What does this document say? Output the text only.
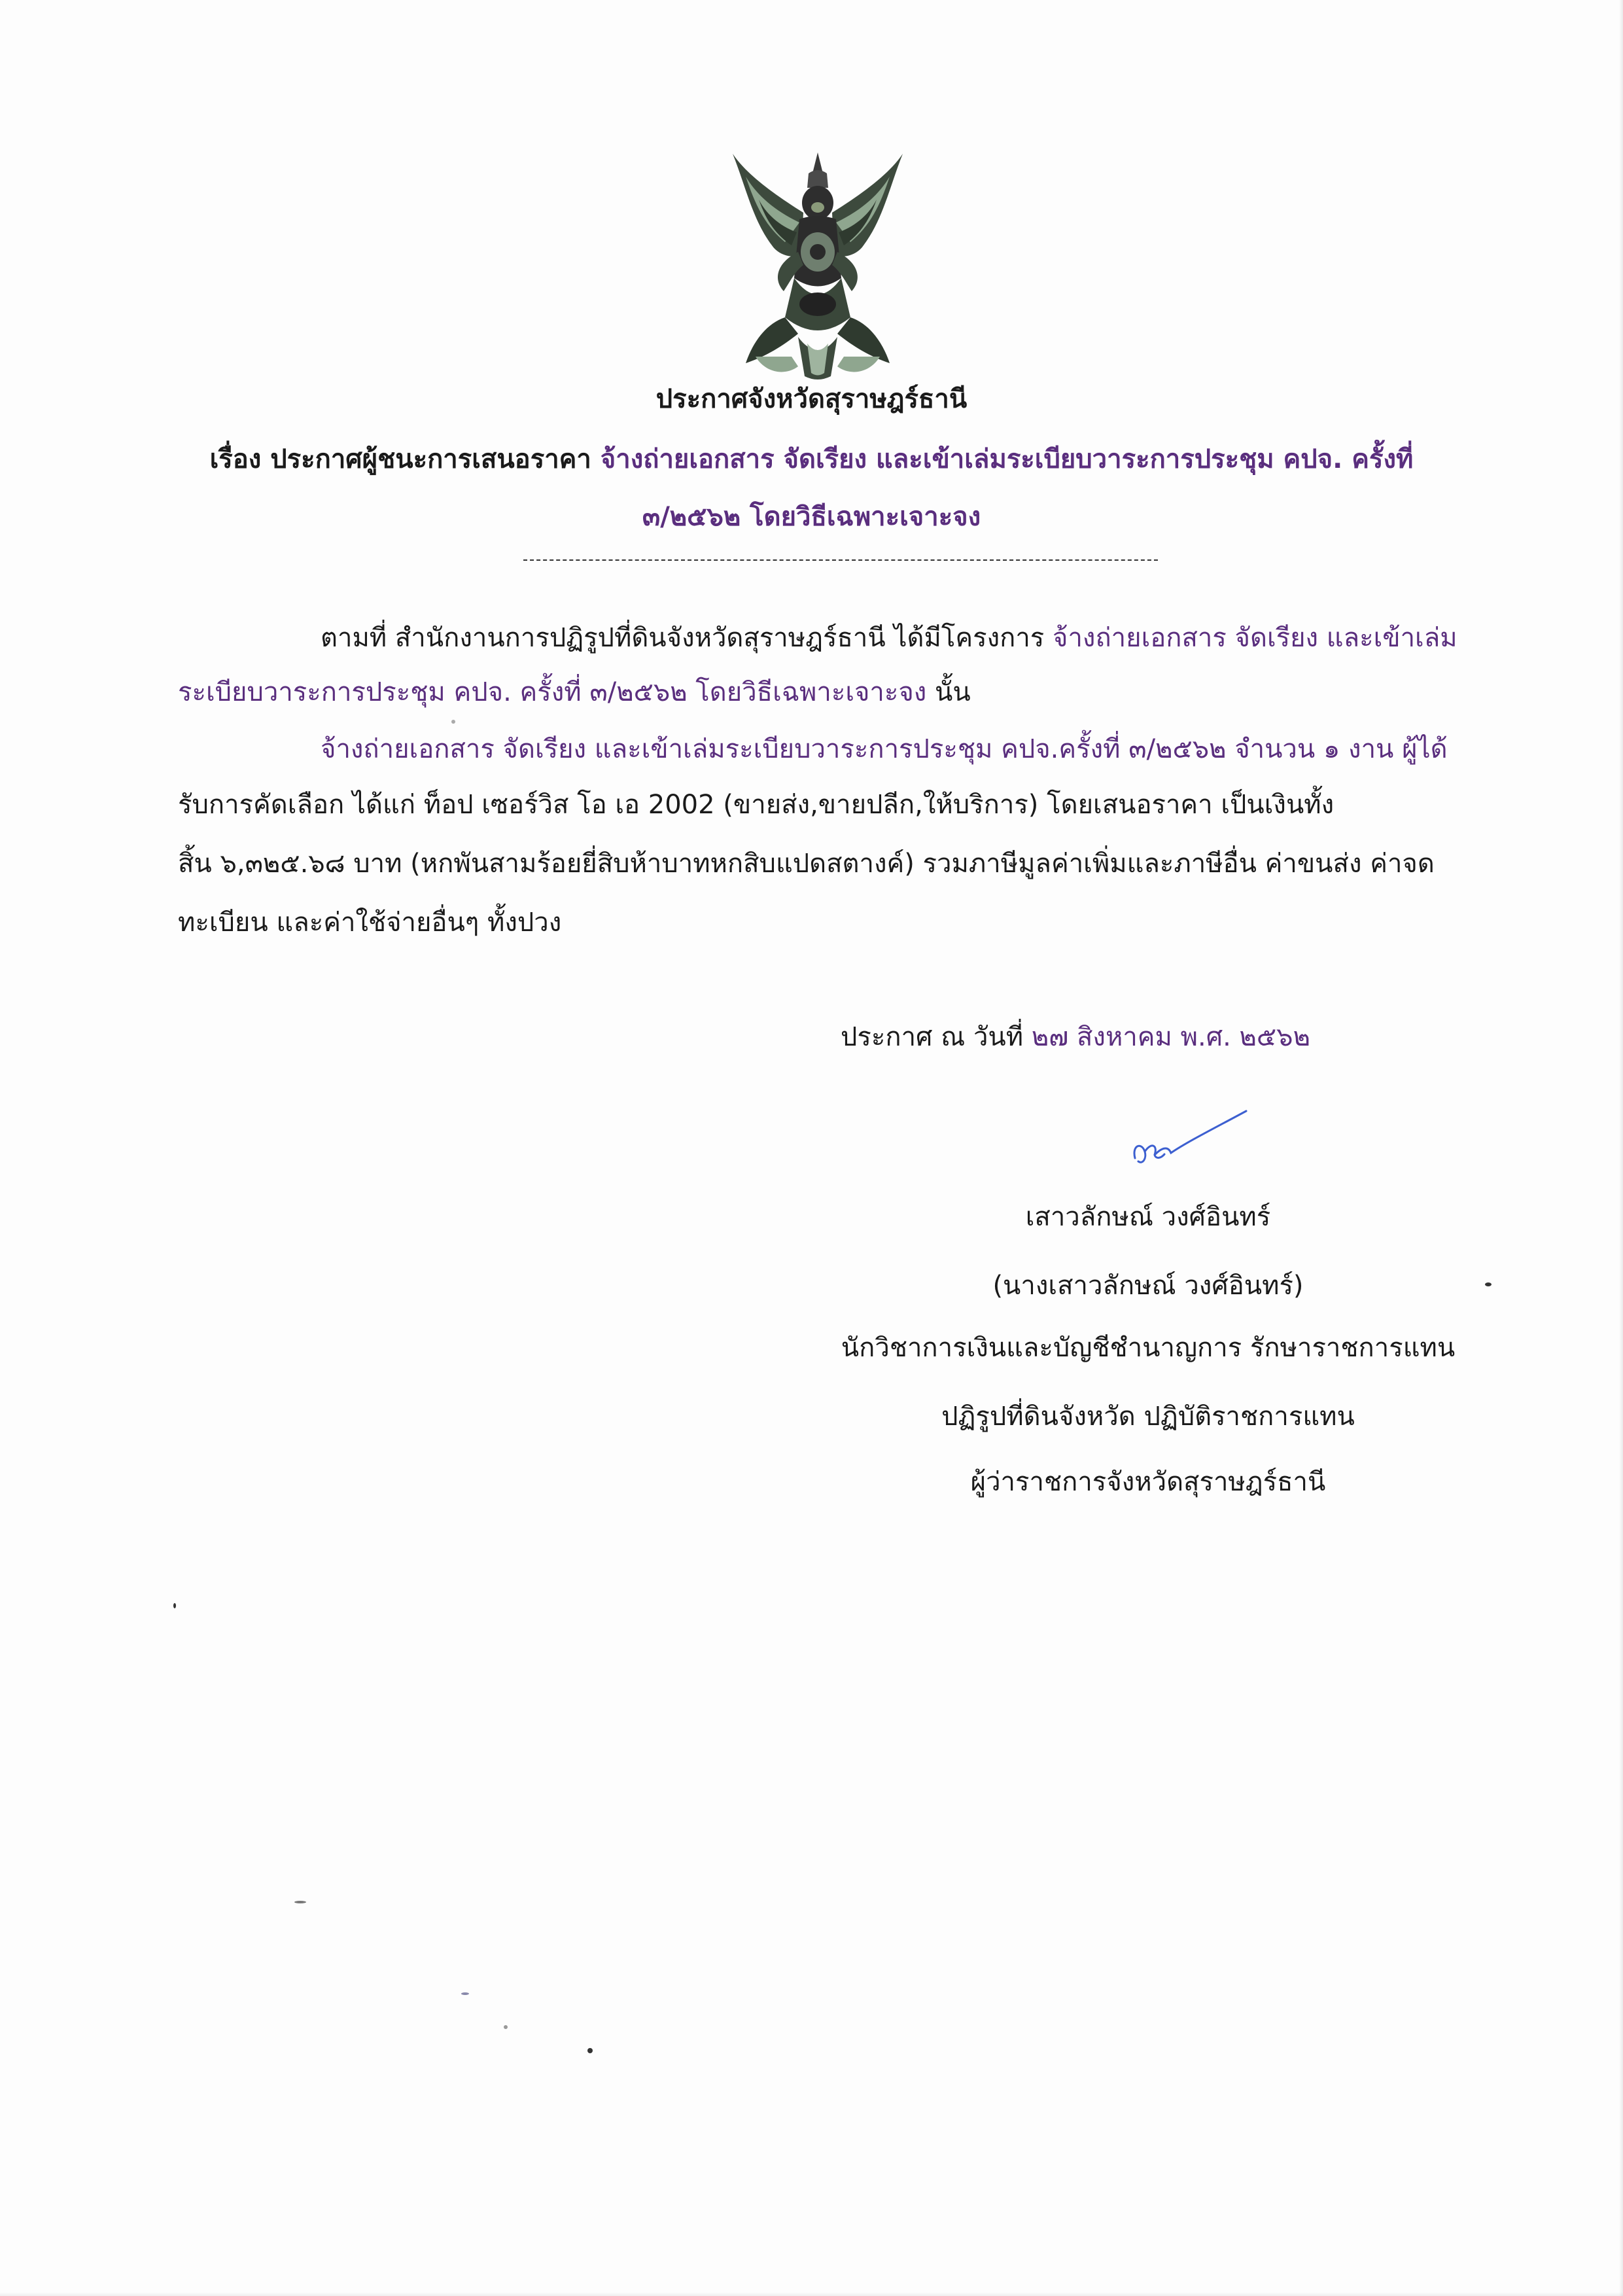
ประกาศจังหวัดสุราษฎร์ธานี
เรื่อง ประกาศผู้ชนะการเสนอราคา จ้างถ่ายเอกสาร จัดเรียง และเข้าเล่มระเบียบวาระการประชุม คปจ. ครั้งที่
๓/๒๕๖๒ โดยวิธีเฉพาะเจาะจง
ตามที่ สำนักงานการปฏิรูปที่ดินจังหวัดสุราษฎร์ธานี ได้มีโครงการ จ้างถ่ายเอกสาร จัดเรียง และเข้าเล่ม
ระเบียบวาระการประชุม คปจ. ครั้งที่ ๓/๒๕๖๒ โดยวิธีเฉพาะเจาะจง นั้น
จ้างถ่ายเอกสาร จัดเรียง และเข้าเล่มระเบียบวาระการประชุม คปจ.ครั้งที่ ๓/๒๕๖๒ จำนวน ๑ งาน ผู้ได้
รับการคัดเลือก ได้แก่ ท็อป เซอร์วิส โอ เอ 2002 (ขายส่ง,ขายปลีก,ให้บริการ) โดยเสนอราคา เป็นเงินทั้ง
สิ้น ๖,๓๒๕.๖๘ บาท (หกพันสามร้อยยี่สิบห้าบาทหกสิบแปดสตางค์) รวมภาษีมูลค่าเพิ่มและภาษีอื่น ค่าขนส่ง ค่าจด
ทะเบียน และค่าใช้จ่ายอื่นๆ ทั้งปวง
ประกาศ ณ วันที่ ๒๗ สิงหาคม พ.ศ. ๒๕๖๒
เสาวลักษณ์ วงศ์อินทร์
(นางเสาวลักษณ์ วงศ์อินทร์)
นักวิชาการเงินและบัญชีชำนาญการ รักษาราชการแทน
ปฏิรูปที่ดินจังหวัด ปฏิบัติราชการแทน
ผู้ว่าราชการจังหวัดสุราษฎร์ธานี
